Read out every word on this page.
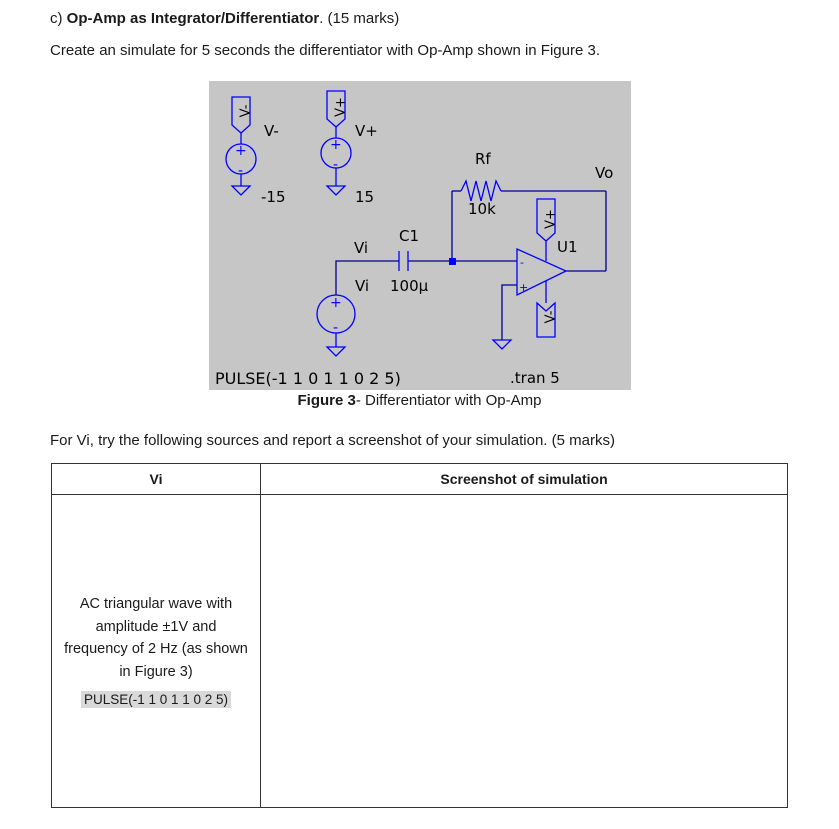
c) Op-Amp as Integrator/Differentiator. (15 marks)
Create an simulate for 5 seconds the differentiator with Op-Amp shown in Figure 3.
V-
+
-
V-
-15
V+
+
-
V+
15
+
-
C1
Vi
Vi 100μ
Rf
10k
Vo
V+
V-
U1
-
+
PULSE(-1 1 0 1 1 0 2 5)	.tran 5
Figure 3- Differentiator with Op-Amp
For Vi, try the following sources and report a screenshot of your simulation. (5 marks)
Vi	Screenshot of simulation

AC triangular wave with amplitude ±1V and frequency of 2 Hz (as shown in Figure 3)
PULSE(-1 1 0 1 1 0 2 5)	
